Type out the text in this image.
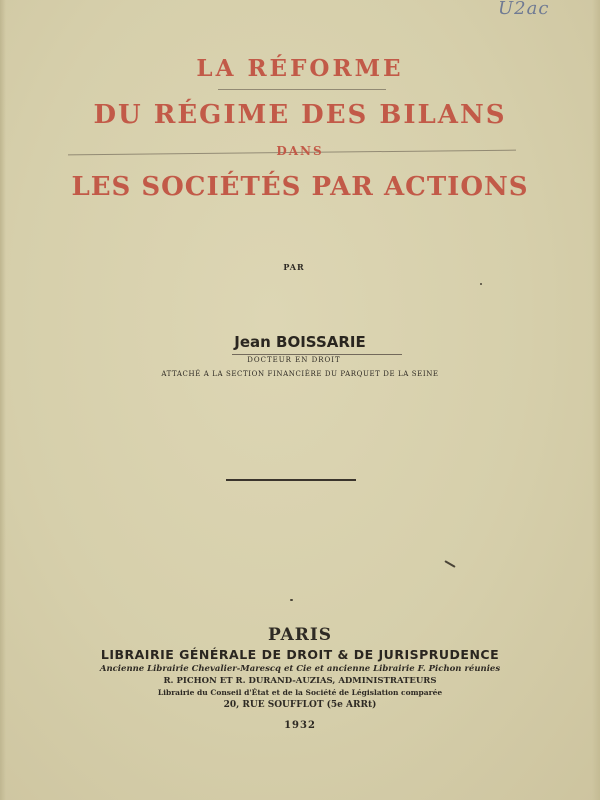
U2ac
LA RÉFORME
DU RÉGIME DES BILANS
DANS
LES SOCIÉTÉS PAR ACTIONS
PAR
Jean BOISSARIE
DOCTEUR EN DROIT
ATTACHÉ A LA SECTION FINANCIÈRE DU PARQUET DE LA SEINE
PARIS
LIBRAIRIE GÉNÉRALE DE DROIT & DE JURISPRUDENCE
Ancienne Librairie Chevalier-Marescq et Cie et ancienne Librairie F. Pichon réunies
R. PICHON ET R. DURAND-AUZIAS, ADMINISTRATEURS
Librairie du Conseil d'État et de la Société de Législation comparée
20, RUE SOUFFLOT (5e ARRt)
1932
